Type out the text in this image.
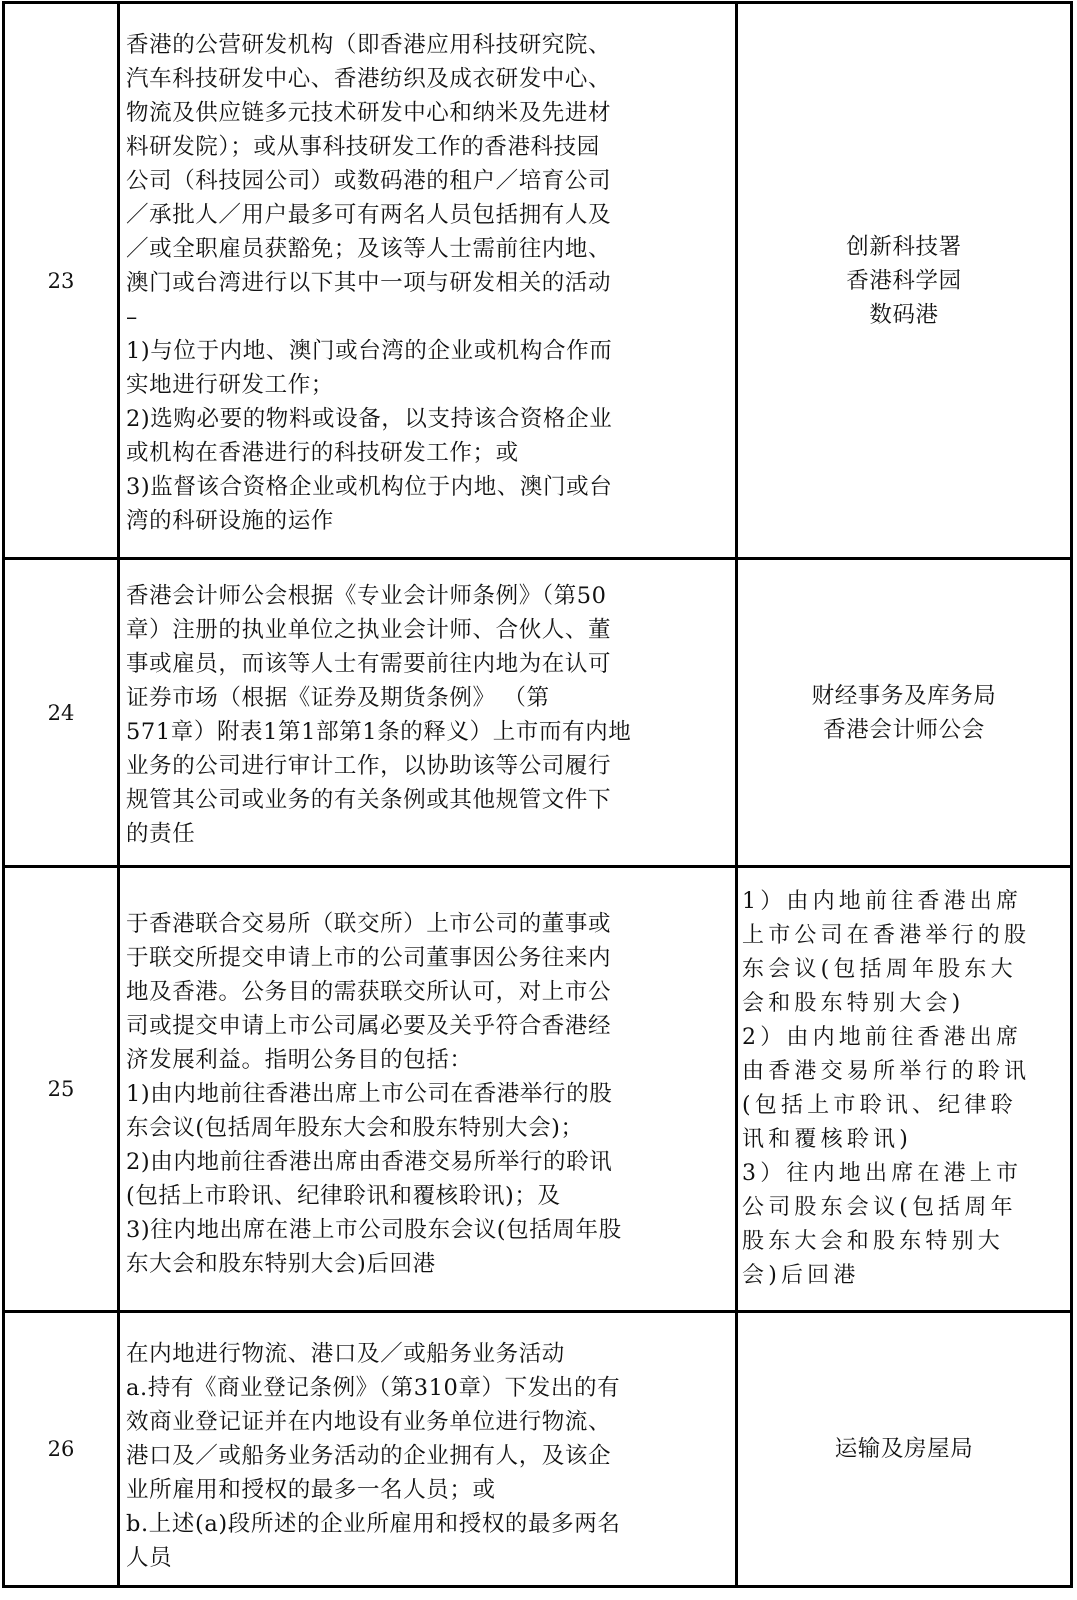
23	
香港的公营研发机构（即香港应用科技研究院、
汽车科技研发中心、香港纺织及成衣研发中心、
物流及供应链多元技术研发中心和纳米及先进材
料研发院）；或从事科技研发工作的香港科技园
公司（科技园公司）或数码港的租户／培育公司
／承批人／用户最多可有两名人员包括拥有人及
／或全职雇员获豁免；及该等人士需前往内地、
澳门或台湾进行以下其中一项与研发相关的活动
–
1)与位于内地、澳门或台湾的企业或机构合作而
实地进行研发工作；
2)选购必要的物料或设备，以支持该合资格企业
或机构在香港进行的科技研发工作；或
3)监督该合资格企业或机构位于内地、澳门或台
湾的科研设施的运作

创新科技署
香港科学园
数码港

24	
香港会计师公会根据《专业会计师条例》（第50
章）注册的执业单位之执业会计师、合伙人、董
事或雇员，而该等人士有需要前往内地为在认可
证券市场（根据《证券及期货条例》 （第
571章）附表1第1部第1条的释义）上市而有内地
业务的公司进行审计工作，以协助该等公司履行
规管其公司或业务的有关条例或其他规管文件下
的责任

财经事务及库务局
香港会计师公会

25	
于香港联合交易所（联交所）上市公司的董事或
于联交所提交申请上市的公司董事因公务往来内
地及香港。公务目的需获联交所认可，对上市公
司或提交申请上市公司属必要及关乎符合香港经
济发展利益。指明公务目的包括：
1)由内地前往香港出席上市公司在香港举行的股
东会议(包括周年股东大会和股东特别大会)；
2)由内地前往香港出席由香港交易所举行的聆讯
(包括上市聆讯、纪律聆讯和覆核聆讯)；及
3)往内地出席在港上市公司股东会议(包括周年股
东大会和股东特别大会)后回港

1）由内地前往香港出席
上市公司在香港举行的股
东会议(包括周年股东大
会和股东特别大会)
2）由内地前往香港出席
由香港交易所举行的聆讯
(包括上市聆讯、纪律聆
讯和覆核聆讯)
3）往内地出席在港上市
公司股东会议(包括周年
股东大会和股东特别大
会)后回港

26	
在内地进行物流、港口及／或船务业务活动
a.持有《商业登记条例》（第310章）下发出的有
效商业登记证并在内地设有业务单位进行物流、
港口及／或船务业务活动的企业拥有人，及该企
业所雇用和授权的最多一名人员；或
b.上述(a)段所述的企业所雇用和授权的最多两名
人员

运输及房屋局
